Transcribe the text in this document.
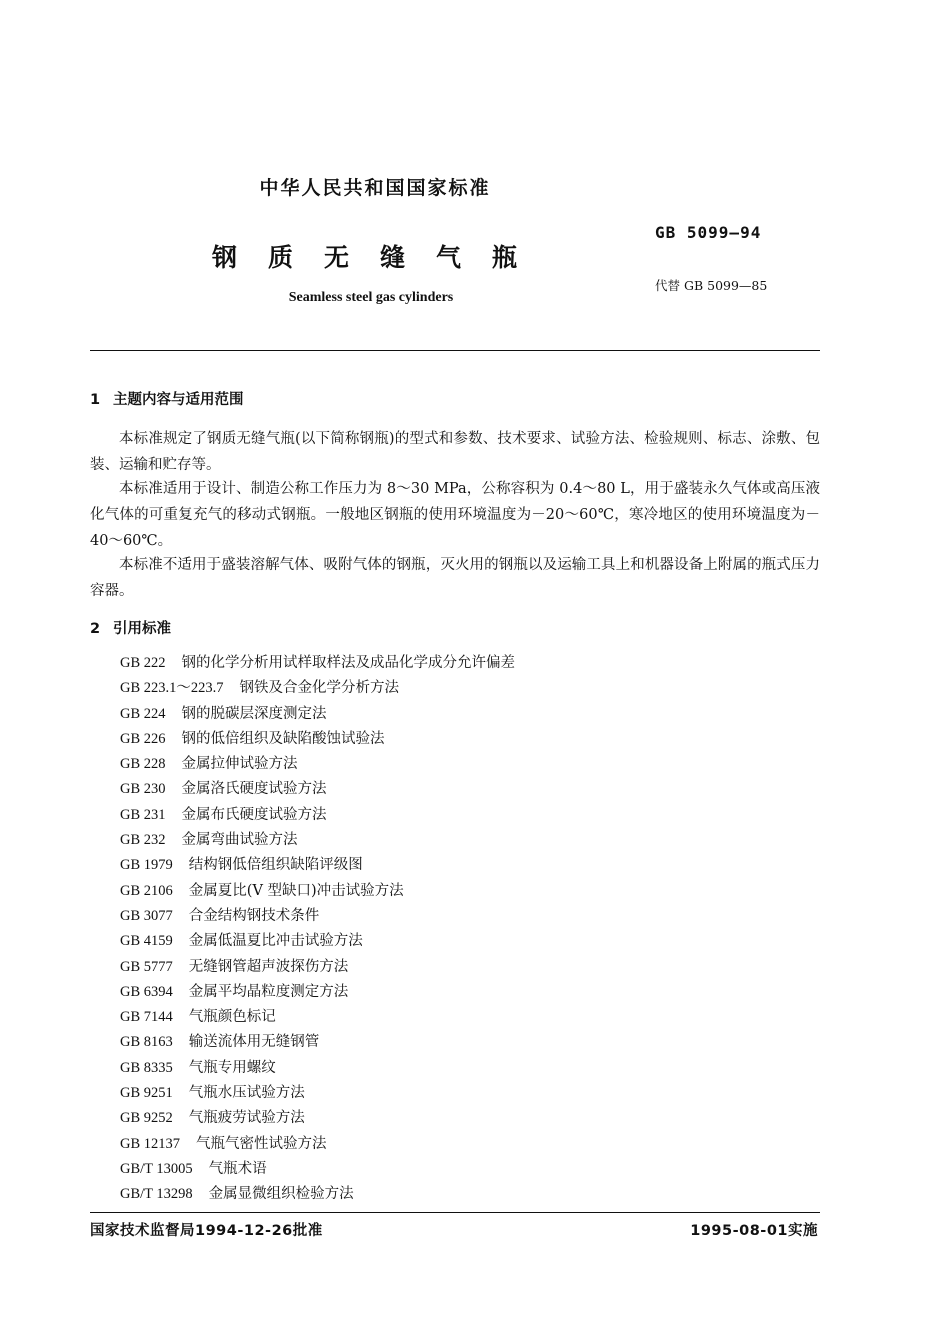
中华人民共和国国家标准
GB 5099—94
钢质无缝气瓶
代替 GB 5099—85
Seamless steel gas cylinders
1 主题内容与适用范围
本标准规定了钢质无缝气瓶(以下简称钢瓶)的型式和参数、技术要求、试验方法、检验规则、标志、涂敷、包装、运输和贮存等。
本标准适用于设计、制造公称工作压力为 8～30 MPa，公称容积为 0.4～80 L，用于盛装永久气体或高压液化气体的可重复充气的移动式钢瓶。一般地区钢瓶的使用环境温度为－20～60℃，寒冷地区的使用环境温度为－40～60℃。
本标准不适用于盛装溶解气体、吸附气体的钢瓶，灭火用的钢瓶以及运输工具上和机器设备上附属的瓶式压力容器。
2 引用标准
GB 222 钢的化学分析用试样取样法及成品化学成分允许偏差
GB 223.1～223.7 钢铁及合金化学分析方法
GB 224 钢的脱碳层深度测定法
GB 226 钢的低倍组织及缺陷酸蚀试验法
GB 228 金属拉伸试验方法
GB 230 金属洛氏硬度试验方法
GB 231 金属布氏硬度试验方法
GB 232 金属弯曲试验方法
GB 1979 结构钢低倍组织缺陷评级图
GB 2106 金属夏比(V 型缺口)冲击试验方法
GB 3077 合金结构钢技术条件
GB 4159 金属低温夏比冲击试验方法
GB 5777 无缝钢管超声波探伤方法
GB 6394 金属平均晶粒度测定方法
GB 7144 气瓶颜色标记
GB 8163 输送流体用无缝钢管
GB 8335 气瓶专用螺纹
GB 9251 气瓶水压试验方法
GB 9252 气瓶疲劳试验方法
GB 12137 气瓶气密性试验方法
GB/T 13005 气瓶术语
GB/T 13298 金属显微组织检验方法
国家技术监督局1994-12-26批准	1995-08-01实施
